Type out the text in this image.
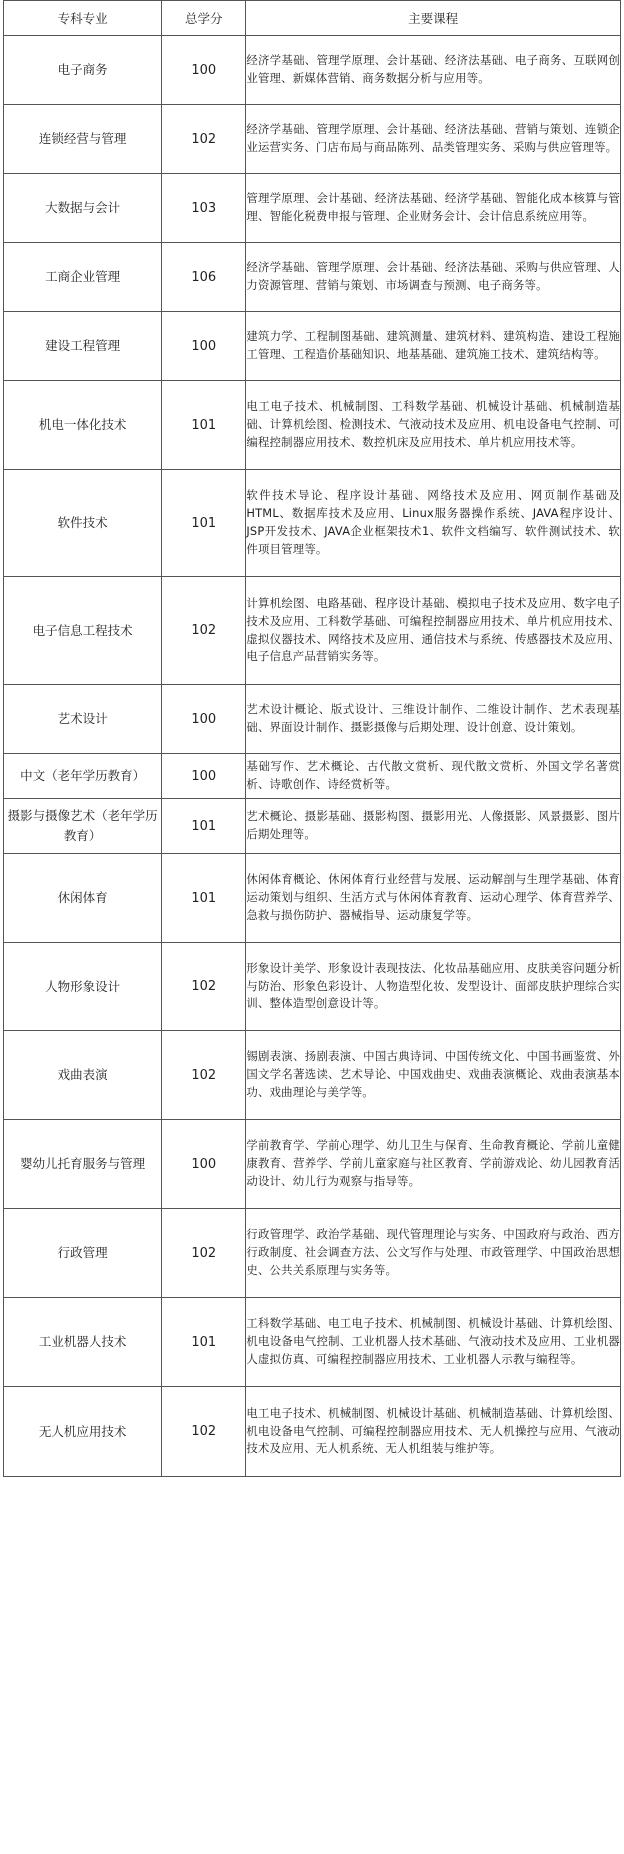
专科专业	总学分	主要课程
电子商务	100	经济学基础、管理学原理、会计基础、经济法基础、电子商务、互联网创业管理、新媒体营销、商务数据分析与应用等。
连锁经营与管理	102	经济学基础、管理学原理、会计基础、经济法基础、营销与策划、连锁企业运营实务、门店布局与商品陈列、品类管理实务、采购与供应管理等。
大数据与会计	103	管理学原理、会计基础、经济法基础、经济学基础、智能化成本核算与管理、智能化税费申报与管理、企业财务会计、会计信息系统应用等。
工商企业管理	106	经济学基础、管理学原理、会计基础、经济法基础、采购与供应管理、人力资源管理、营销与策划、市场调查与预测、电子商务等。
建设工程管理	100	建筑力学、工程制图基础、建筑测量、建筑材料、建筑构造、建设工程施工管理、工程造价基础知识、地基基础、建筑施工技术、建筑结构等。
机电一体化技术	101	电工电子技术、机械制图、工科数学基础、机械设计基础、机械制造基础、计算机绘图、检测技术、气液动技术及应用、机电设备电气控制、可编程控制器应用技术、数控机床及应用技术、单片机应用技术等。
软件技术	101	软件技术导论、程序设计基础、网络技术及应用、网页制作基础及HTML、数据库技术及应用、Linux服务器操作系统、JAVA程序设计、JSP开发技术、JAVA企业框架技术1、软件文档编写、软件测试技术、软件项目管理等。
电子信息工程技术	102	计算机绘图、电路基础、程序设计基础、模拟电子技术及应用、数字电子技术及应用、工科数学基础、可编程控制器应用技术、单片机应用技术、虚拟仪器技术、网络技术及应用、通信技术与系统、传感器技术及应用、电子信息产品营销实务等。
艺术设计	100	艺术设计概论、版式设计、三维设计制作、二维设计制作、艺术表现基础、界面设计制作、摄影摄像与后期处理、设计创意、设计策划。
中文（老年学历教育）	100	基础写作、艺术概论、古代散文赏析、现代散文赏析、外国文学名著赏析、诗歌创作、诗经赏析等。
摄影与摄像艺术（老年学历教育）	101	艺术概论、摄影基础、摄影构图、摄影用光、人像摄影、风景摄影、图片后期处理等。
休闲体育	101	休闲体育概论、休闲体育行业经营与发展、运动解剖与生理学基础、体育运动策划与组织、生活方式与休闲体育教育、运动心理学、体育营养学、急救与损伤防护、器械指导、运动康复学等。
人物形象设计	102	形象设计美学、形象设计表现技法、化妆品基础应用、皮肤美容问题分析与防治、形象色彩设计、人物造型化妆、发型设计、面部皮肤护理综合实训、整体造型创意设计等。
戏曲表演	102	锡剧表演、扬剧表演、中国古典诗词、中国传统文化、中国书画鉴赏、外国文学名著选读、艺术导论、中国戏曲史、戏曲表演概论、戏曲表演基本功、戏曲理论与美学等。
婴幼儿托育服务与管理	100	学前教育学、学前心理学、幼儿卫生与保育、生命教育概论、学前儿童健康教育、营养学、学前儿童家庭与社区教育、学前游戏论、幼儿园教育活动设计、幼儿行为观察与指导等。
行政管理	102	行政管理学、政治学基础、现代管理理论与实务、中国政府与政治、西方行政制度、社会调查方法、公文写作与处理、市政管理学、中国政治思想史、公共关系原理与实务等。
工业机器人技术	101	工科数学基础、电工电子技术、机械制图、机械设计基础、计算机绘图、机电设备电气控制、工业机器人技术基础、气液动技术及应用、工业机器人虚拟仿真、可编程控制器应用技术、工业机器人示教与编程等。
无人机应用技术	102	电工电子技术、机械制图、机械设计基础、机械制造基础、计算机绘图、机电设备电气控制、可编程控制器应用技术、无人机操控与应用、气液动技术及应用、无人机系统、无人机组装与维护等。
